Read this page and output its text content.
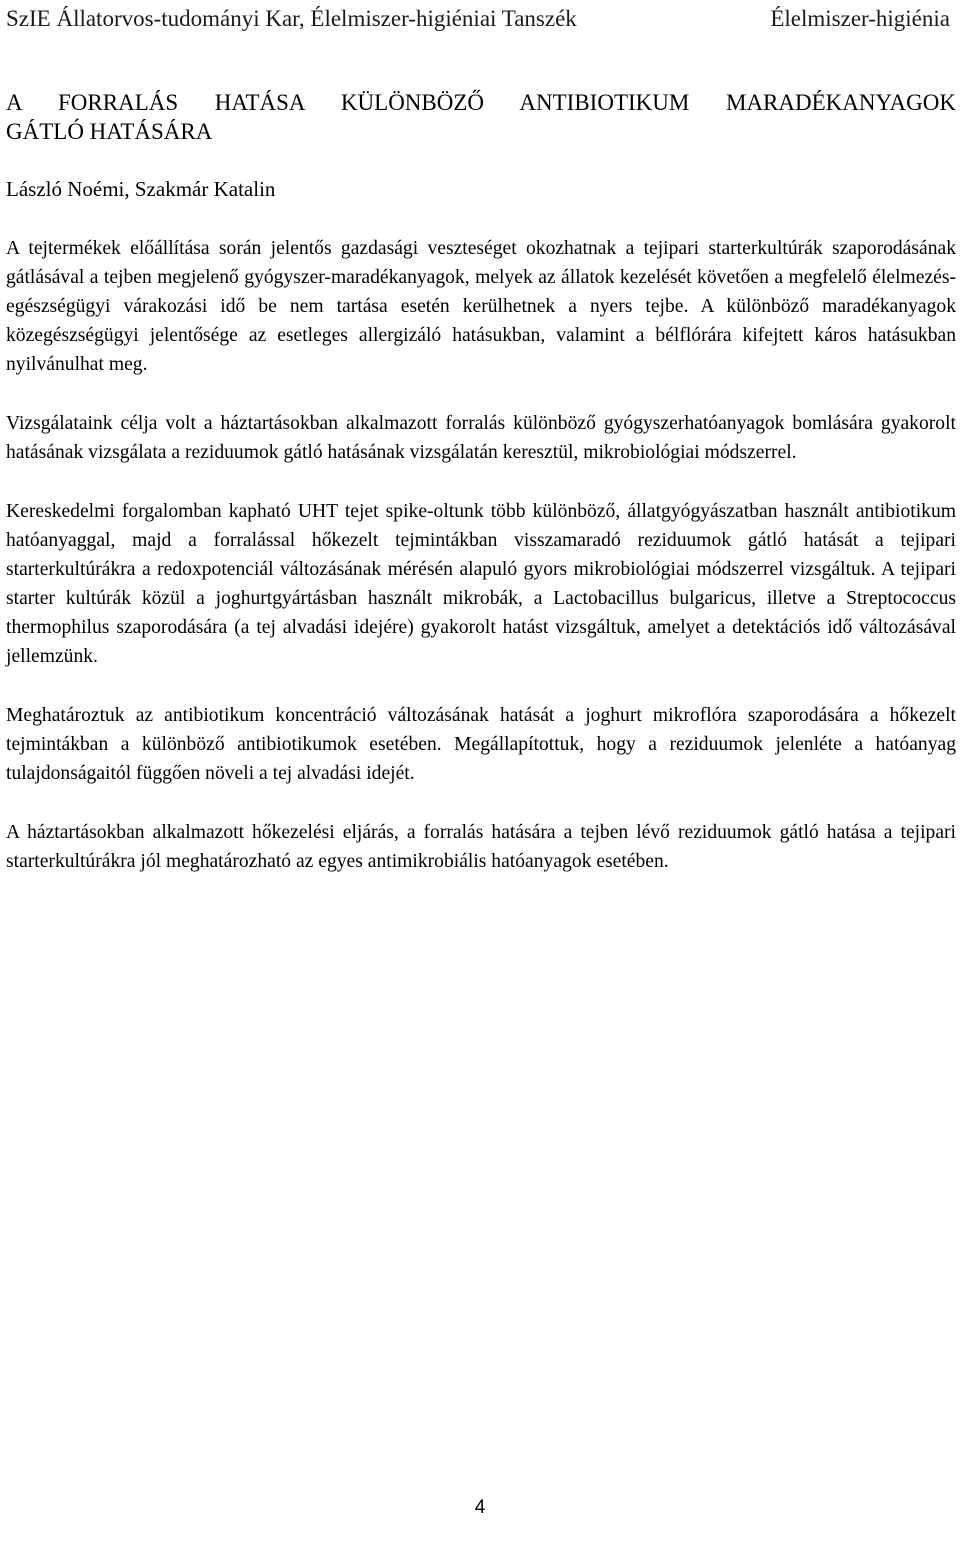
SzIE Állatorvos-tudományi Kar, Élelmiszer-higiéniai Tanszék	Élelmiszer-higiénia
A FORRALÁS HATÁSA KÜLÖNBÖZŐ ANTIBIOTIKUM MARADÉKANYAGOK
GÁTLÓ HATÁSÁRA

László Noémi, Szakmár Katalin

A tejtermékek előállítása során jelentős gazdasági veszteséget okozhatnak a tejipari starterkultúrák szaporodásának gátlásával a tejben megjelenő gyógyszer-maradékanyagok, melyek az állatok kezelését követően a megfelelő élelmezés-egészségügyi várakozási idő be nem tartása esetén kerülhetnek a nyers tejbe. A különböző maradékanyagok közegészségügyi jelentősége az esetleges allergizáló hatásukban, valamint a bélflórára kifejtett káros hatásukban nyilvánulhat meg.

Vizsgálataink célja volt a háztartásokban alkalmazott forralás különböző gyógyszerhatóanyagok bomlására gyakorolt hatásának vizsgálata a reziduumok gátló hatásának vizsgálatán keresztül, mikrobiológiai módszerrel.

Kereskedelmi forgalomban kapható UHT tejet spike-oltunk több különböző, állatgyógyászatban használt antibiotikum hatóanyaggal, majd a forralással hőkezelt tejmintákban visszamaradó reziduumok gátló hatását a tejipari starterkultúrákra a redoxpotenciál változásának mérésén alapuló gyors mikrobiológiai módszerrel vizsgáltuk. A tejipari starter kultúrák közül a joghurtgyártásban használt mikrobák, a Lactobacillus bulgaricus, illetve a Streptococcus thermophilus szaporodására (a tej alvadási idejére) gyakorolt hatást vizsgáltuk, amelyet a detektációs idő változásával jellemzünk.

Meghatároztuk az antibiotikum koncentráció változásának hatását a joghurt mikroflóra szaporodására a hőkezelt tejmintákban a különböző antibiotikumok esetében. Megállapítottuk, hogy a reziduumok jelenléte a hatóanyag tulajdonságaitól függően növeli a tej alvadási idejét.

A háztartásokban alkalmazott hőkezelési eljárás, a forralás hatására a tejben lévő reziduumok gátló hatása a tejipari starterkultúrákra jól meghatározható az egyes antimikrobiális hatóanyagok esetében.

4
